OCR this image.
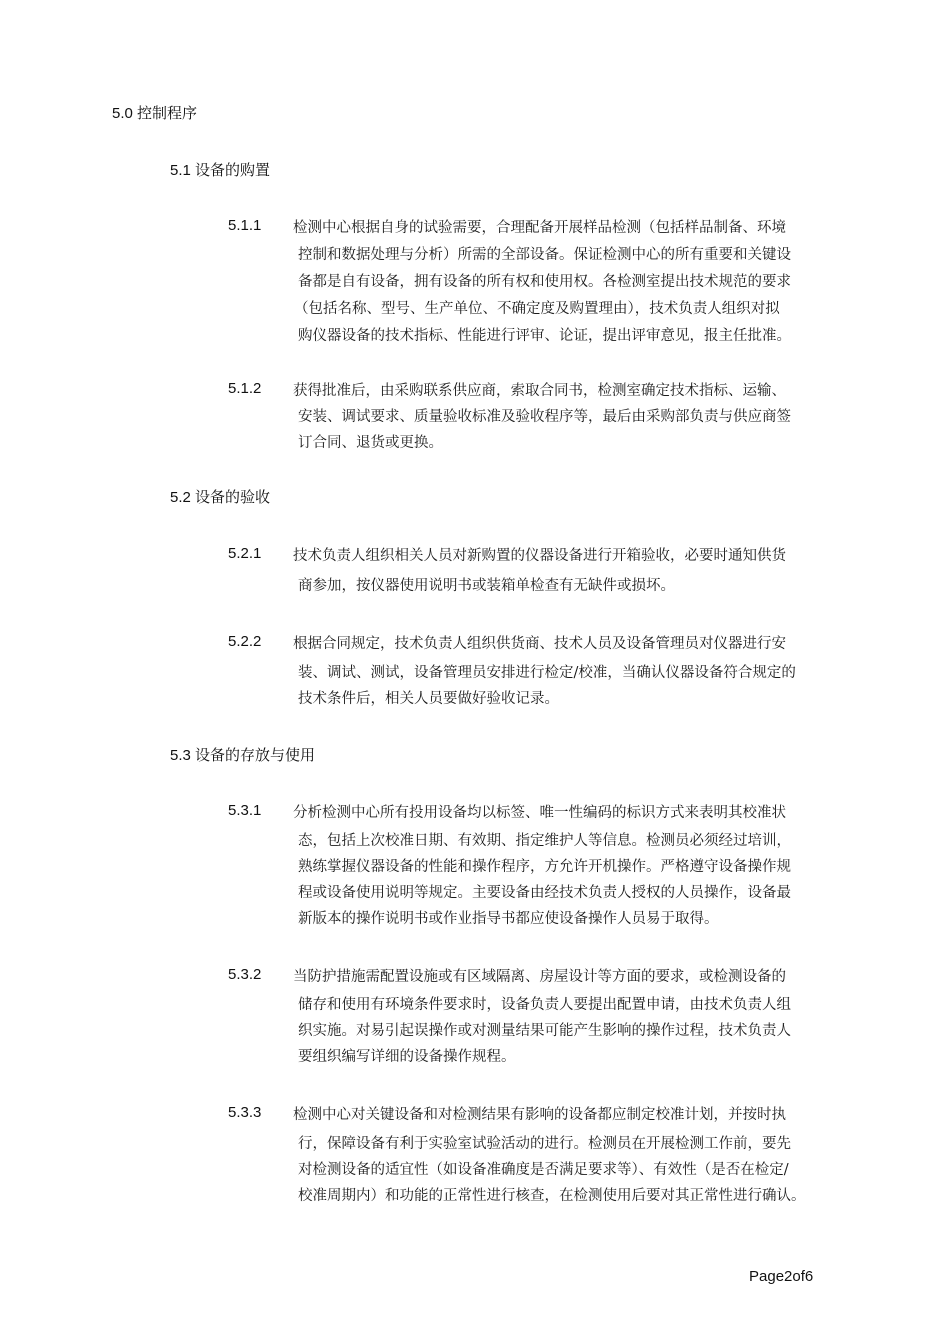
5.0 控制程序
5.1 设备的购置
5.1.1 检测中心根据自身的试验需要，合理配备开展样品检测（包括样品制备、环境
控制和数据处理与分析）所需的全部设备。保证检测中心的所有重要和关键设
备都是自有设备，拥有设备的所有权和使用权。各检测室提出技术规范的要求
（包括名称、型号、生产单位、不确定度及购置理由），技术负责人组织对拟
购仪器设备的技术指标、性能进行评审、论证，提出评审意见，报主任批准。
5.1.2 获得批准后，由采购联系供应商，索取合同书，检测室确定技术指标、运输、
安装、调试要求、质量验收标准及验收程序等，最后由采购部负责与供应商签
订合同、退货或更换。
5.2 设备的验收
5.2.1 技术负责人组织相关人员对新购置的仪器设备进行开箱验收，必要时通知供货
商参加，按仪器使用说明书或装箱单检查有无缺件或损坏。
5.2.2 根据合同规定，技术负责人组织供货商、技术人员及设备管理员对仪器进行安
装、调试、测试，设备管理员安排进行检定/校准，当确认仪器设备符合规定的
技术条件后，相关人员要做好验收记录。
5.3 设备的存放与使用
5.3.1 分析检测中心所有投用设备均以标签、唯一性编码的标识方式来表明其校准状
态，包括上次校准日期、有效期、指定维护人等信息。检测员必须经过培训，
熟练掌握仪器设备的性能和操作程序，方允许开机操作。严格遵守设备操作规
程或设备使用说明等规定。主要设备由经技术负责人授权的人员操作，设备最
新版本的操作说明书或作业指导书都应使设备操作人员易于取得。
5.3.2 当防护措施需配置设施或有区域隔离、房屋设计等方面的要求，或检测设备的
储存和使用有环境条件要求时，设备负责人要提出配置申请，由技术负责人组
织实施。对易引起误操作或对测量结果可能产生影响的操作过程，技术负责人
要组织编写详细的设备操作规程。
5.3.3 检测中心对关键设备和对检测结果有影响的设备都应制定校准计划，并按时执
行，保障设备有利于实验室试验活动的进行。检测员在开展检测工作前，要先
对检测设备的适宜性（如设备准确度是否满足要求等）、有效性（是否在检定/
校准周期内）和功能的正常性进行核查，在检测使用后要对其正常性进行确认。
Page2of6
